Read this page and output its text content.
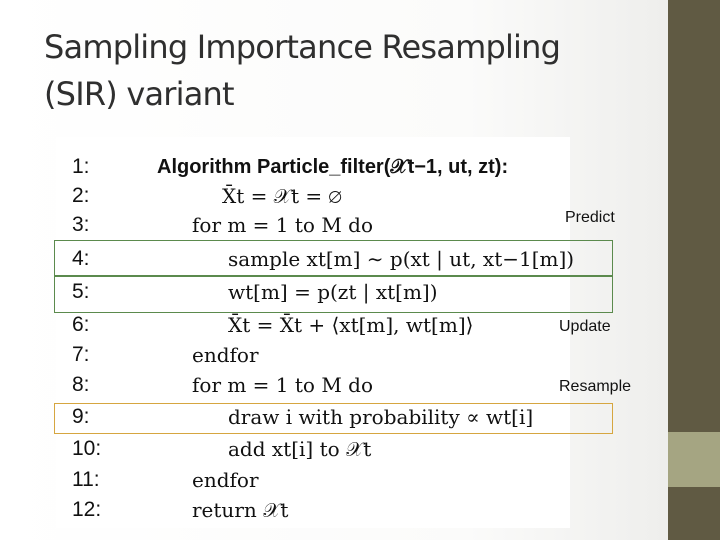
Sampling Importance Resampling
(SIR) variant
1:
2:
3:
4:
5:
6:
7:
8:
9:
10:
11:
12:
Algorithm Particle_filter(𝒳t−1, ut, zt):
X̄t = 𝒳t = ∅
for m = 1 to M do
sample xt[m] ∼ p(xt | ut, xt−1[m])
wt[m] = p(zt | xt[m])
X̄t = X̄t + ⟨xt[m], wt[m]⟩
endfor
for m = 1 to M do
draw i with probability ∝ wt[i]
add xt[i] to 𝒳t
endfor
return 𝒳t
Predict
Update
Resample
